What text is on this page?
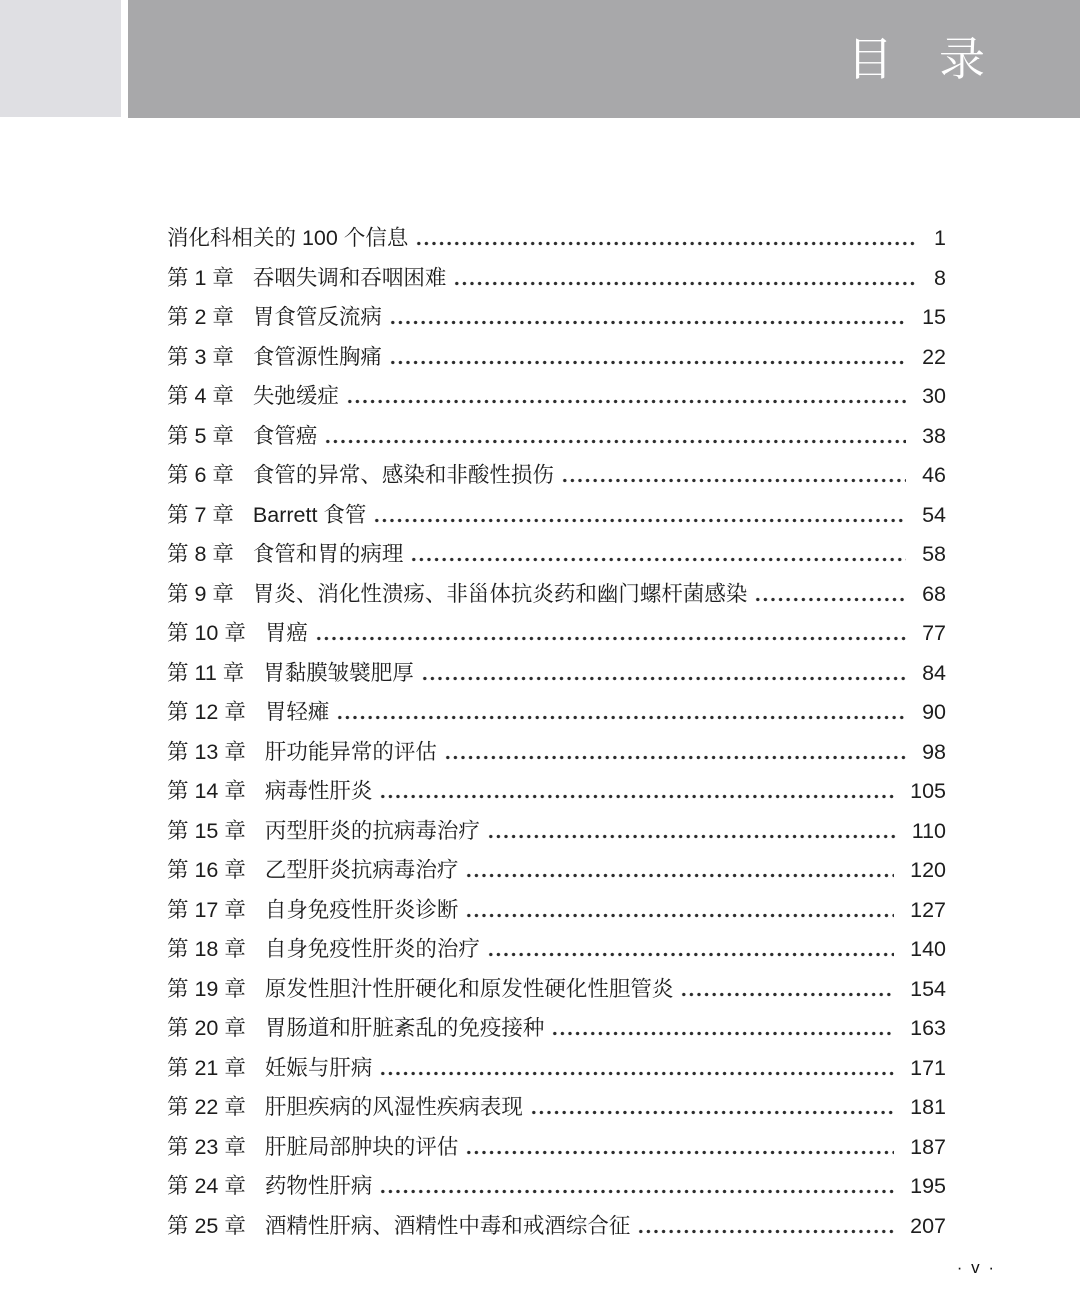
目　录
消化科相关的 100 个信息	1
第 1 章 吞咽失调和吞咽困难	8
第 2 章 胃食管反流病	15
第 3 章 食管源性胸痛	22
第 4 章 失弛缓症	30
第 5 章 食管癌	38
第 6 章 食管的异常、感染和非酸性损伤	46
第 7 章 Barrett 食管	54
第 8 章 食管和胃的病理	58
第 9 章 胃炎、消化性溃疡、非甾体抗炎药和幽门螺杆菌感染	68
第 10 章 胃癌	77
第 11 章 胃黏膜皱襞肥厚	84
第 12 章 胃轻瘫	90
第 13 章 肝功能异常的评估	98
第 14 章 病毒性肝炎	105
第 15 章 丙型肝炎的抗病毒治疗	110
第 16 章 乙型肝炎抗病毒治疗	120
第 17 章 自身免疫性肝炎诊断	127
第 18 章 自身免疫性肝炎的治疗	140
第 19 章 原发性胆汁性肝硬化和原发性硬化性胆管炎	154
第 20 章 胃肠道和肝脏紊乱的免疫接种	163
第 21 章 妊娠与肝病	171
第 22 章 肝胆疾病的风湿性疾病表现	181
第 23 章 肝脏局部肿块的评估	187
第 24 章 药物性肝病	195
第 25 章 酒精性肝病、酒精性中毒和戒酒综合征	207
· v ·
